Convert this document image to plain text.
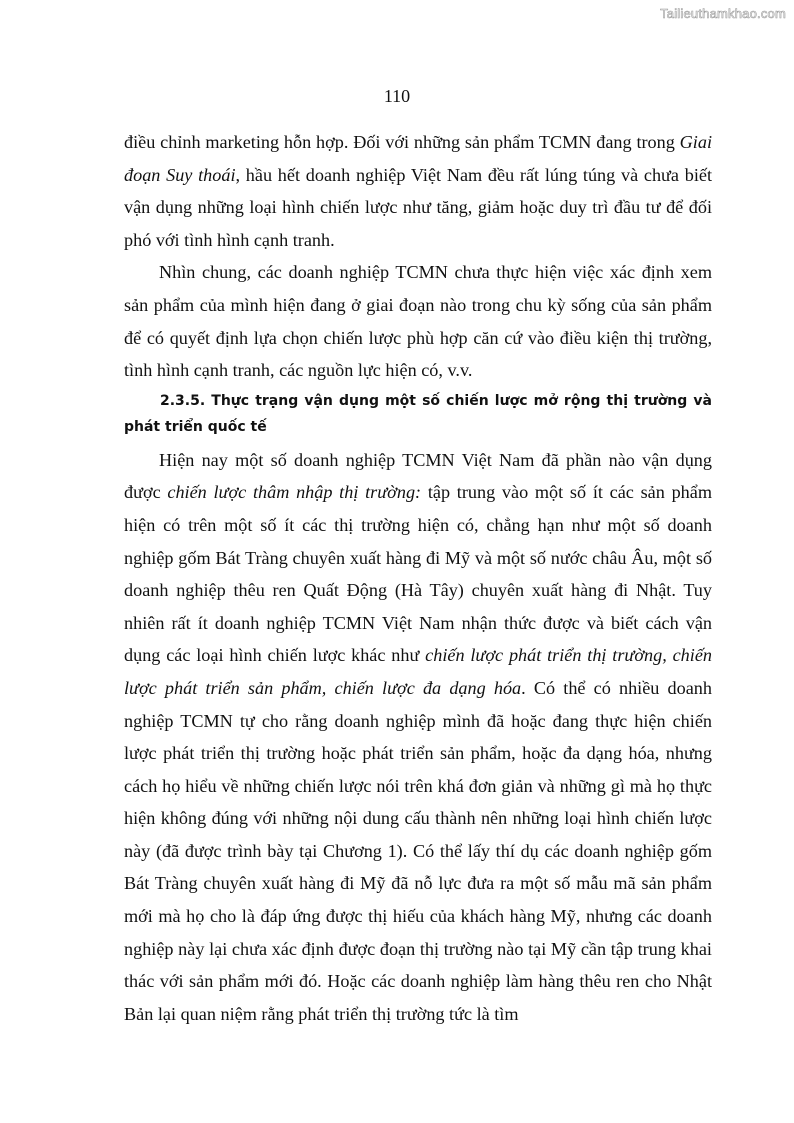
Tailieuthamkhao.com
110

điều chỉnh marketing hỗn hợp. Đối với những sản phẩm TCMN đang trong Giai đoạn Suy thoái, hầu hết doanh nghiệp Việt Nam đều rất lúng túng và chưa biết vận dụng những loại hình chiến lược như tăng, giảm hoặc duy trì đầu tư để đối phó với tình hình cạnh tranh.

Nhìn chung, các doanh nghiệp TCMN chưa thực hiện việc xác định xem sản phẩm của mình hiện đang ở giai đoạn nào trong chu kỳ sống của sản phẩm để có quyết định lựa chọn chiến lược phù hợp căn cứ vào điều kiện thị trường, tình hình cạnh tranh, các nguồn lực hiện có, v.v.

2.3.5. Thực trạng vận dụng một số chiến lược mở rộng thị trường và phát triển quốc tế

Hiện nay một số doanh nghiệp TCMN Việt Nam đã phần nào vận dụng được chiến lược thâm nhập thị trường: tập trung vào một số ít các sản phẩm hiện có trên một số ít các thị trường hiện có, chẳng hạn như một số doanh nghiệp gốm Bát Tràng chuyên xuất hàng đi Mỹ và một số nước châu Âu, một số doanh nghiệp thêu ren Quất Động (Hà Tây) chuyên xuất hàng đi Nhật. Tuy nhiên rất ít doanh nghiệp TCMN Việt Nam nhận thức được và biết cách vận dụng các loại hình chiến lược khác như chiến lược phát triển thị trường, chiến lược phát triển sản phẩm, chiến lược đa dạng hóa. Có thể có nhiều doanh nghiệp TCMN tự cho rằng doanh nghiệp mình đã hoặc đang thực hiện chiến lược phát triển thị trường hoặc phát triển sản phẩm, hoặc đa dạng hóa, nhưng cách họ hiểu về những chiến lược nói trên khá đơn giản và những gì mà họ thực hiện không đúng với những nội dung cấu thành nên những loại hình chiến lược này (đã được trình bày tại Chương 1). Có thể lấy thí dụ các doanh nghiệp gốm Bát Tràng chuyên xuất hàng đi Mỹ đã nỗ lực đưa ra một số mẫu mã sản phẩm mới mà họ cho là đáp ứng được thị hiếu của khách hàng Mỹ, nhưng các doanh nghiệp này lại chưa xác định được đoạn thị trường nào tại Mỹ cần tập trung khai thác với sản phẩm mới đó. Hoặc các doanh nghiệp làm hàng thêu ren cho Nhật Bản lại quan niệm rằng phát triển thị trường tức là tìm
